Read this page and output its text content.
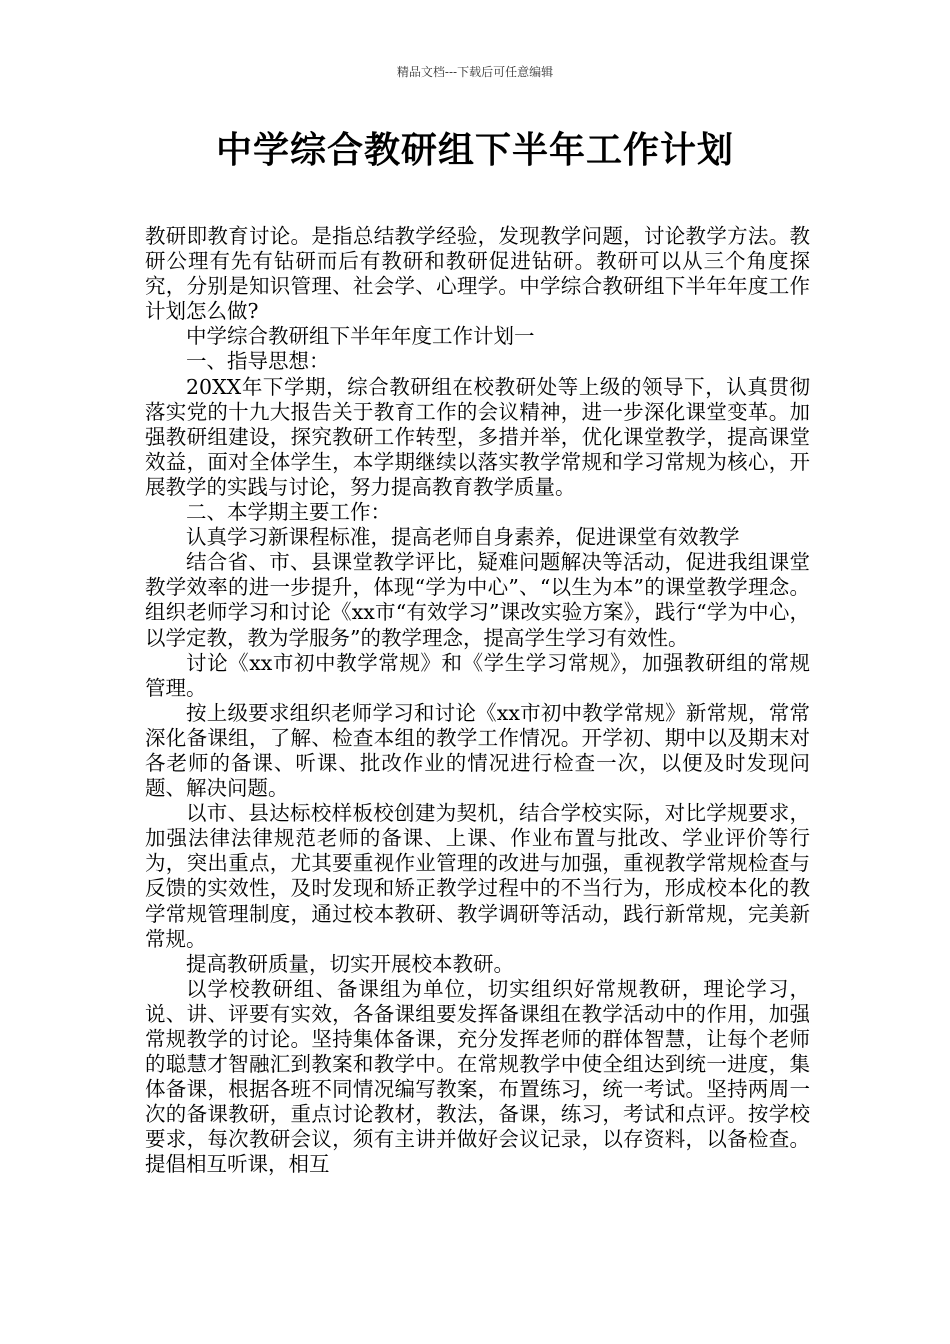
精品文档---下载后可任意编辑
中学综合教研组下半年工作计划

教研即教育讨论。是指总结教学经验，发现教学问题，讨论教学方法。教研公理有先有钻研而后有教研和教研促进钻研。教研可以从三个角度探究，分别是知识管理、社会学、心理学。中学综合教研组下半年年度工作计划怎么做?

中学综合教研组下半年年度工作计划一

一、指导思想：

20XX年下学期，综合教研组在校教研处等上级的领导下，认真贯彻落实党的十九大报告关于教育工作的会议精神，进一步深化课堂变革。加强教研组建设，探究教研工作转型，多措并举，优化课堂教学，提高课堂效益，面对全体学生，本学期继续以落实教学常规和学习常规为核心，开展教学的实践与讨论，努力提高教育教学质量。

二、本学期主要工作：

认真学习新课程标准，提高老师自身素养，促进课堂有效教学

结合省、市、县课堂教学评比，疑难问题解决等活动，促进我组课堂教学效率的进一步提升，体现“学为中心”、“以生为本”的课堂教学理念。组织老师学习和讨论《xx市“有效学习”课改实验方案》，践行“学为中心，以学定教，教为学服务”的教学理念，提高学生学习有效性。

讨论《xx市初中教学常规》和《学生学习常规》，加强教研组的常规管理。

按上级要求组织老师学习和讨论《xx市初中教学常规》新常规，常常深化备课组，了解、检查本组的教学工作情况。开学初、期中以及期末对各老师的备课、听课、批改作业的情况进行检查一次，以便及时发现问题、解决问题。

以市、县达标校样板校创建为契机，结合学校实际，对比学规要求，加强法律法律规范老师的备课、上课、作业布置与批改、学业评价等行为，突出重点，尤其要重视作业管理的改进与加强，重视教学常规检查与反馈的实效性，及时发现和矫正教学过程中的不当行为，形成校本化的教学常规管理制度，通过校本教研、教学调研等活动，践行新常规，完美新常规。

提高教研质量，切实开展校本教研。

以学校教研组、备课组为单位，切实组织好常规教研，理论学习，说、讲、评要有实效，各备课组要发挥备课组在教学活动中的作用，加强常规教学的讨论。坚持集体备课，充分发挥老师的群体智慧，让每个老师的聪慧才智融汇到教案和教学中。在常规教学中使全组达到统一进度，集体备课，根据各班不同情况编写教案，布置练习，统一考试。坚持两周一次的备课教研，重点讨论教材，教法，备课，练习，考试和点评。按学校要求，每次教研会议，须有主讲并做好会议记录，以存资料，以备检查。提倡相互听课，相互
